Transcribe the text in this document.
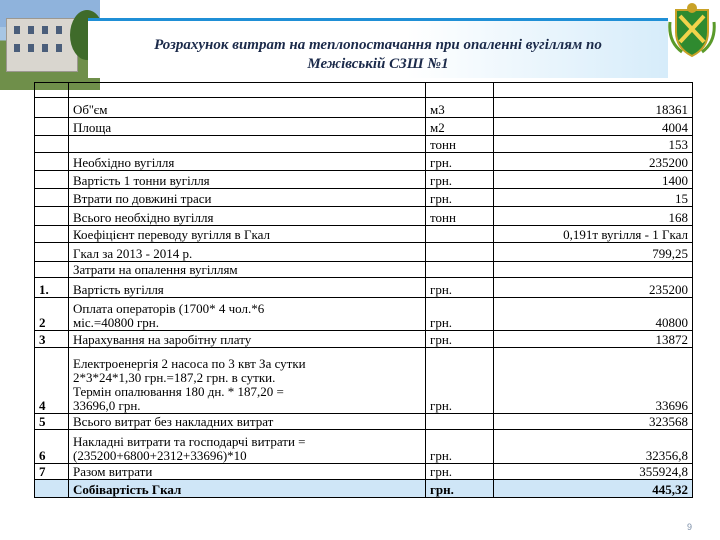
Розрахунок витрат на теплопостачання при опаленні вугіллям по
Межівській СЗШ №1

	Об''єм	м3	18361
	Площа	м2	4004
		тонн	153
	Необхідно вугілля	грн.	235200
	Вартість 1 тонни вугілля	грн.	1400
	Втрати по довжині траси	грн.	15
	Всього необхідно вугілля	тонн	168
	Коефіцієнт переводу вугілля в Гкал		0,191т вугілля - 1 Гкал
	Гкал за 2013 - 2014 р.		799,25
	Затрати на опалення вугіллям		
1.	Вартість вугілля	грн.	235200
2	Оплата операторів (1700* 4 чол.*6
міс.=40800 грн.	грн.	40800
3	Нарахування на заробітну плату	грн.	13872
4	Електроенергія 2 насоса по 3 квт За сутки
2*3*24*1,30 грн.=187,2 грн. в сутки.
Термін опалювання 180 дн. * 187,20 =
33696,0 грн.	грн.	33696
5	Всього витрат без накладних витрат		323568
6	Накладні витрати та господарчі витрати =
(235200+6800+2312+33696)*10	грн.	32356,8
7	Разом витрати	грн.	355924,8
	Собівартість Гкал	грн.	445,32
9
